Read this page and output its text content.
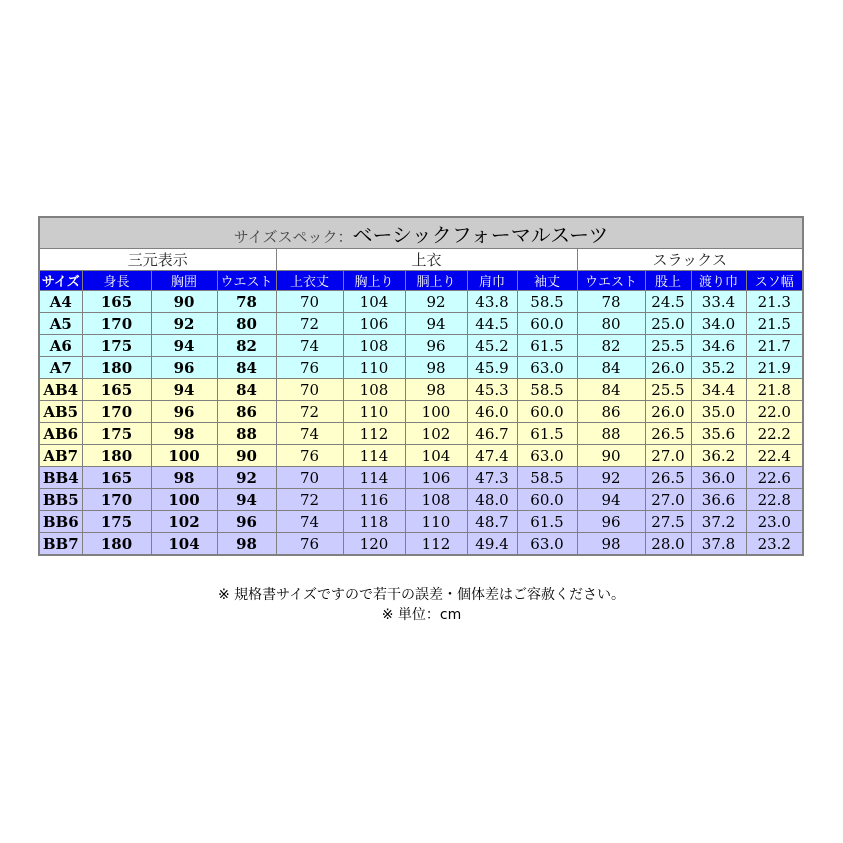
サイズスペック：ベーシックフォーマルスーツ												
三元表示				上衣					スラックス			
サイズ	身長	胸囲	ウエスト	上衣丈	胸上り	胴上り	肩巾	袖丈	ウエスト	股上	渡り巾	スソ幅
A4	165	90	78	70	104	92	43.8	58.5	78	24.5	33.4	21.3
A5	170	92	80	72	106	94	44.5	60.0	80	25.0	34.0	21.5
A6	175	94	82	74	108	96	45.2	61.5	82	25.5	34.6	21.7
A7	180	96	84	76	110	98	45.9	63.0	84	26.0	35.2	21.9
AB4	165	94	84	70	108	98	45.3	58.5	84	25.5	34.4	21.8
AB5	170	96	86	72	110	100	46.0	60.0	86	26.0	35.0	22.0
AB6	175	98	88	74	112	102	46.7	61.5	88	26.5	35.6	22.2
AB7	180	100	90	76	114	104	47.4	63.0	90	27.0	36.2	22.4
BB4	165	98	92	70	114	106	47.3	58.5	92	26.5	36.0	22.6
BB5	170	100	94	72	116	108	48.0	60.0	94	27.0	36.6	22.8
BB6	175	102	96	74	118	110	48.7	61.5	96	27.5	37.2	23.0
BB7	180	104	98	76	120	112	49.4	63.0	98	28.0	37.8	23.2
※ 規格書サイズですので若干の誤差・個体差はご容赦ください。
※ 単位：cm
